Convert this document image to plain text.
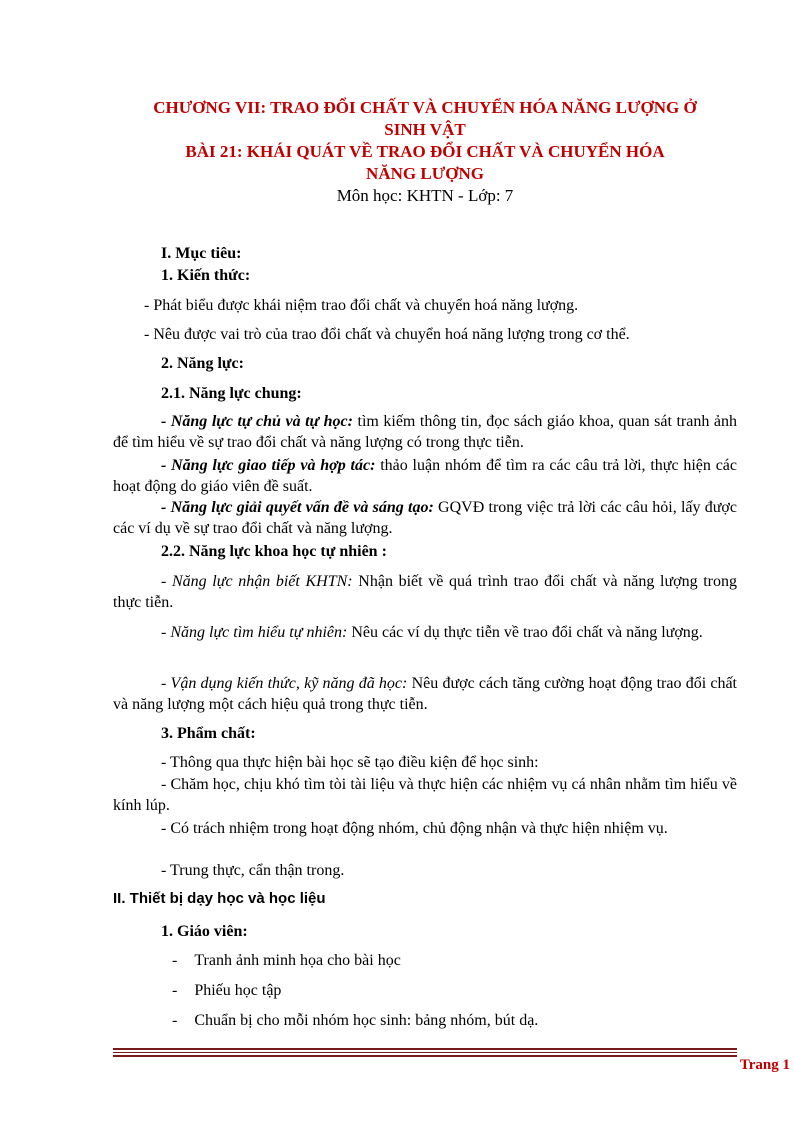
CHƯƠNG VII: TRAO ĐỔI CHẤT VÀ CHUYỂN HÓA NĂNG LƯỢNG Ở
SINH VẬT
BÀI 21: KHÁI QUÁT VỀ TRAO ĐỔI CHẤT VÀ CHUYỂN HÓA
NĂNG LƯỢNG
Môn học: KHTN - Lớp: 7
I. Mục tiêu:
1. Kiến thức:
- Phát biểu được khái niệm trao đổi chất và chuyển hoá năng lượng.
- Nêu được vai trò của trao đổi chất và chuyển hoá năng lượng trong cơ thể.
2. Năng lực:
2.1. Năng lực chung:
- Năng lực tự chủ và tự học: tìm kiếm thông tin, đọc sách giáo khoa, quan sát tranh ảnh để tìm hiểu về sự trao đổi chất và năng lượng có trong thực tiễn.
- Năng lực giao tiếp và hợp tác: thảo luận nhóm để tìm ra các câu trả lời, thực hiện các hoạt động do giáo viên đề suất.
- Năng lực giải quyết vấn đề và sáng tạo: GQVĐ trong việc trả lời các câu hỏi, lấy được các ví dụ về sự trao đổi chất và năng lượng.
2.2. Năng lực khoa học tự nhiên :
- Năng lực nhận biết KHTN: Nhận biết về quá trình trao đổi chất và năng lượng trong thực tiễn.
- Năng lực tìm hiểu tự nhiên: Nêu các ví dụ thực tiễn về trao đổi chất và năng lượng.
- Vận dụng kiến thức, kỹ năng đã học: Nêu được cách tăng cường hoạt động trao đổi chất và năng lượng một cách hiệu quả trong thực tiễn.
3. Phẩm chất:
- Thông qua thực hiện bài học sẽ tạo điều kiện để học sinh:
- Chăm học, chịu khó tìm tòi tài liệu và thực hiện các nhiệm vụ cá nhân nhằm tìm hiểu về kính lúp.
- Có trách nhiệm trong hoạt động nhóm, chủ động nhận và thực hiện nhiệm vụ.
- Trung thực, cẩn thận trong.
II. Thiết bị dạy học và học liệu
1. Giáo viên:
- Tranh ảnh minh họa cho bài học
- Phiếu học tập
- Chuẩn bị cho mỗi nhóm học sinh: bảng nhóm, bút dạ.
Trang 1
